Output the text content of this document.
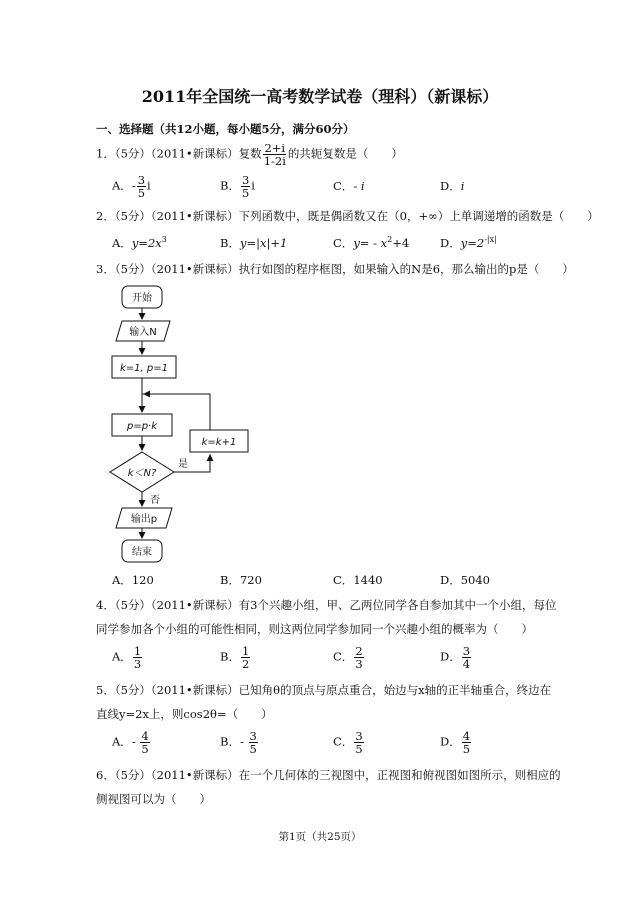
2011年全国统一高考数学试卷（理科）（新课标）
一、选择题（共12小题，每小题5分，满分60分）
1．（5分）（2011•新课标）复数 $\frac{2+i}{1-2i}$ 的共轭复数是（　　）
A．- $\frac{3}{5}$ i	B． $\frac{3}{5}$ i	C．- i	D．i
2．（5分）（2011•新课标）下列函数中，既是偶函数又在（0，+∞）上单调递增的函数是（　　）
A．$y=2x^3$	B．y=|x|+1	C．$y= - x^2+4$	D．$y=2^{-|x|}$
3．（5分）（2011•新课标）执行如图的程序框图，如果输入的N是6，那么输出的p是（　　）
开始
输入N
k=1, p=1
p=p·k
k=k+1
k＜N?
是
否
输出p
结束
A．120	B．720	C．1440	D．5040
4．（5分）（2011•新课标）有3个兴趣小组，甲、乙两位同学各自参加其中一个小组，每位
同学参加各个小组的可能性相同，则这两位同学参加同一个兴趣小组的概率为（　　）
A． $\frac{1}{3}$	B． $\frac{1}{2}$	C． $\frac{2}{3}$	D． $\frac{3}{4}$
5．（5分）（2011•新课标）已知角θ的顶点与原点重合，始边与x轴的正半轴重合，终边在
直线y=2x上，则cos2θ=（　　）
A．- $\frac{4}{5}$	B．- $\frac{3}{5}$	C． $\frac{3}{5}$	D． $\frac{4}{5}$
6．（5分）（2011•新课标）在一个几何体的三视图中，正视图和俯视图如图所示，则相应的
侧视图可以为（　　）
第1页（共25页）
